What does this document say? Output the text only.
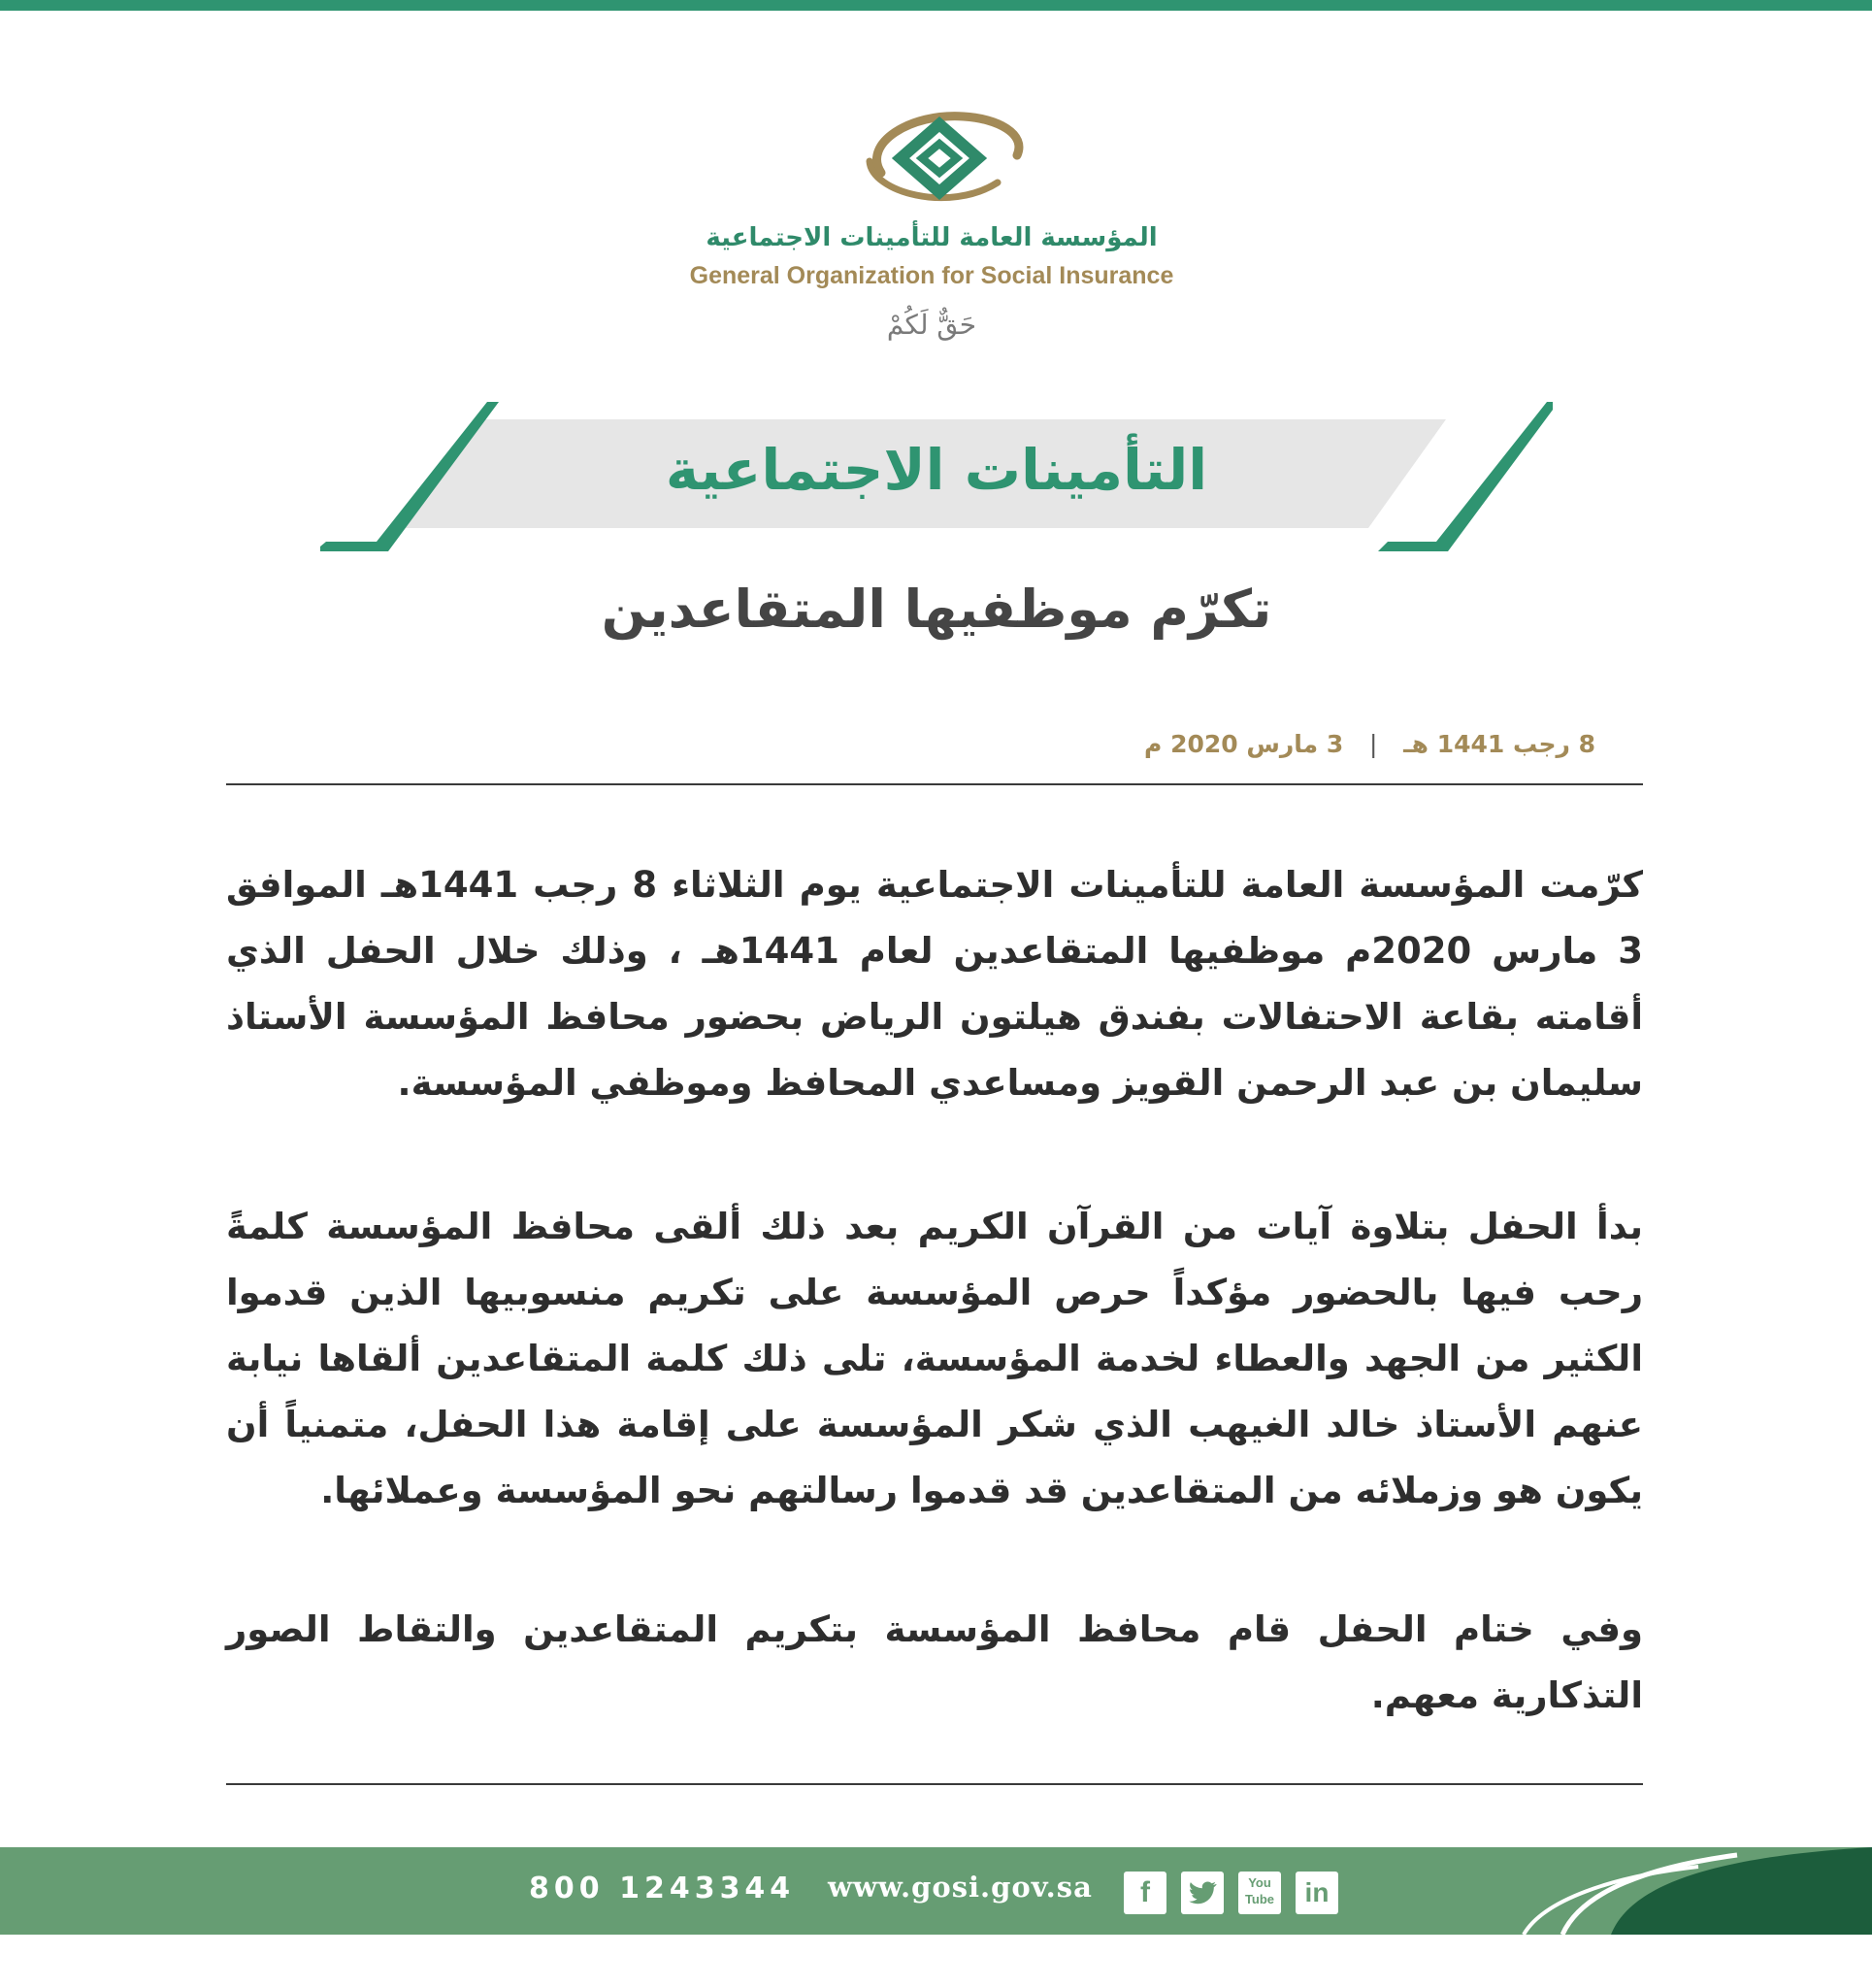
المؤسسة العامة للتأمينات الاجتماعية
General Organization for Social Insurance
حَقٌّ لَكُمْ
التأمينات الاجتماعية
تكرّم موظفيها المتقاعدين
8 رجب 1441 هـ | 3 مارس 2020 م
كرّمت المؤسسة العامة للتأمينات الاجتماعية يوم الثلاثاء 8 رجب 1441هـ الموافق 3 مارس 2020م موظفيها المتقاعدين لعام 1441هـ ، وذلك خلال الحفل الذي أقامته بقاعة الاحتفالات بفندق هيلتون الرياض بحضور محافظ المؤسسة الأستاذ سليمان بن عبد الرحمن القويز ومساعدي المحافظ وموظفي المؤسسة.
بدأ الحفل بتلاوة آيات من القرآن الكريم بعد ذلك ألقى محافظ المؤسسة كلمةً رحب فيها بالحضور مؤكداً حرص المؤسسة على تكريم منسوبيها الذين قدموا الكثير من الجهد والعطاء لخدمة المؤسسة، تلى ذلك كلمة المتقاعدين ألقاها نيابة عنهم الأستاذ خالد الغيهب الذي شكر المؤسسة على إقامة هذا الحفل، متمنياً أن يكون هو وزملائه من المتقاعدين قد قدموا رسالتهم نحو المؤسسة وعملائها.
وفي ختام الحفل قام محافظ المؤسسة بتكريم المتقاعدين والتقاط الصور التذكارية معهم.
800 1243344 www.gosi.gov.sa	f	You
Tube	in
